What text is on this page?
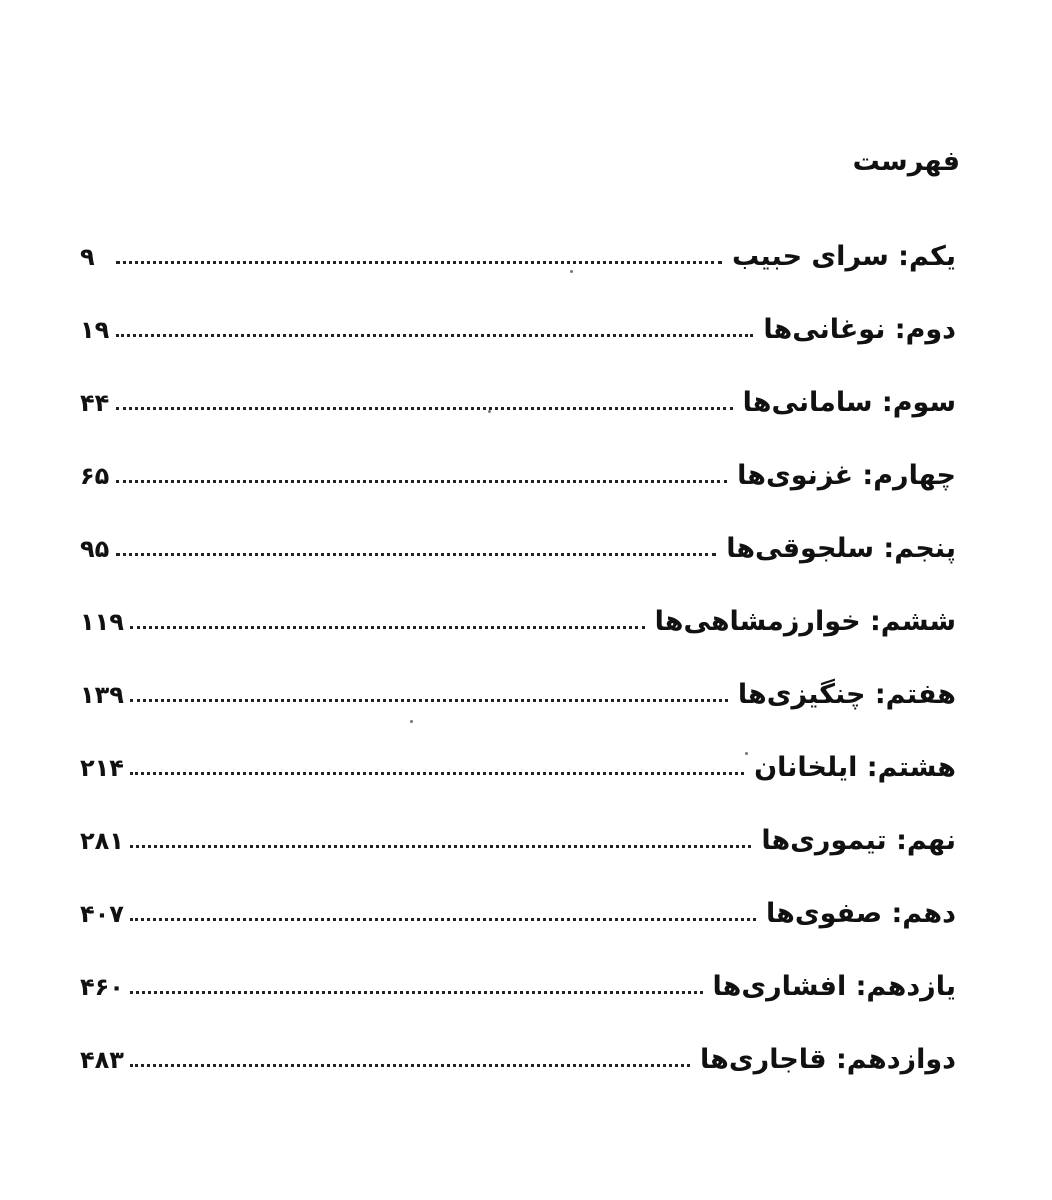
فهرست
یکم: سرای حبیب
۹
دوم: نوغانی‌ها
۱۹
سوم: سامانی‌ها
۴۴
چهارم: غزنوی‌ها
۶۵
پنجم: سلجوقی‌ها
۹۵
ششم: خوارزمشاهی‌ها
۱۱۹
هفتم: چنگیزی‌ها
۱۳۹
هشتم: ایلخانان
۲۱۴
نهم: تیموری‌ها
۲۸۱
دهم: صفوی‌ها
۴۰۷
یازدهم: افشاری‌ها
۴۶۰
دوازدهم: قاجاری‌ها
۴۸۳
